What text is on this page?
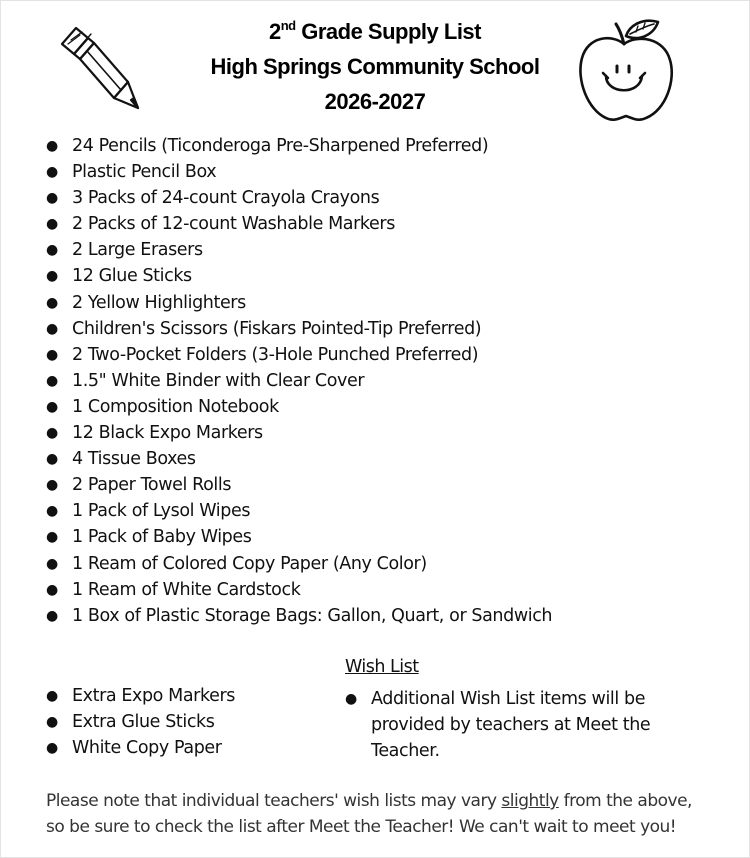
2nd Grade Supply List
High Springs Community School
2026-2027
● 24 Pencils (Ticonderoga Pre-Sharpened Preferred)
● Plastic Pencil Box
● 3 Packs of 24-count Crayola Crayons
● 2 Packs of 12-count Washable Markers
● 2 Large Erasers
● 12 Glue Sticks
● 2 Yellow Highlighters
● Children's Scissors (Fiskars Pointed-Tip Preferred)
● 2 Two-Pocket Folders (3-Hole Punched Preferred)
● 1.5" White Binder with Clear Cover
● 1 Composition Notebook
● 12 Black Expo Markers
● 4 Tissue Boxes
● 2 Paper Towel Rolls
● 1 Pack of Lysol Wipes
● 1 Pack of Baby Wipes
● 1 Ream of Colored Copy Paper (Any Color)
● 1 Ream of White Cardstock
● 1 Box of Plastic Storage Bags: Gallon, Quart, or Sandwich
Wish List
● Extra Expo Markers
● Extra Glue Sticks
● White Copy Paper
● Additional Wish List items will be provided by teachers at Meet the Teacher.
Please note that individual teachers' wish lists may vary slightly from the above, so be sure to check the list after Meet the Teacher! We can't wait to meet you!
